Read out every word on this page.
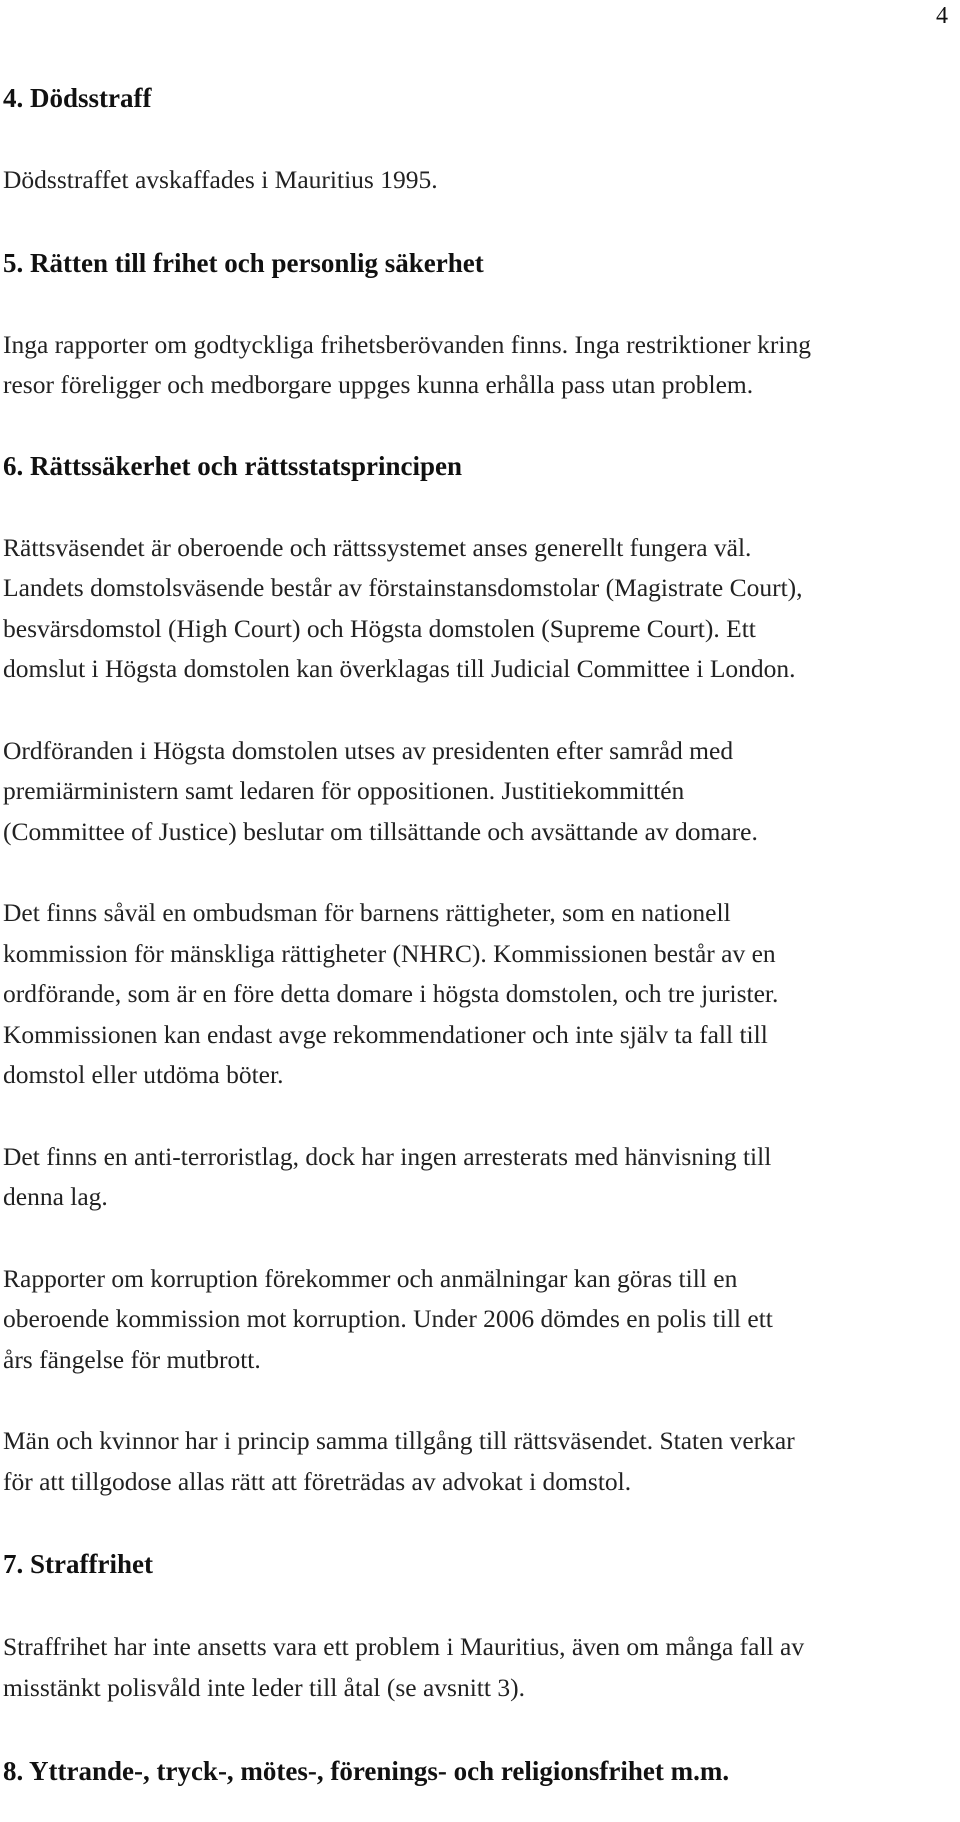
4
4. Dödsstraff

Dödsstraffet avskaffades i Mauritius 1995.

5. Rätten till frihet och personlig säkerhet

Inga rapporter om godtyckliga frihetsberövanden finns. Inga restriktioner kring
resor föreligger och medborgare uppges kunna erhålla pass utan problem.

6. Rättssäkerhet och rättsstatsprincipen

Rättsväsendet är oberoende och rättssystemet anses generellt fungera väl.
Landets domstolsväsende består av förstainstansdomstolar (Magistrate Court),
besvärsdomstol (High Court) och Högsta domstolen (Supreme Court). Ett
domslut i Högsta domstolen kan överklagas till Judicial Committee i London.

Ordföranden i Högsta domstolen utses av presidenten efter samråd med
premiärministern samt ledaren för oppositionen. Justitiekommittén
(Committee of Justice) beslutar om tillsättande och avsättande av domare.

Det finns såväl en ombudsman för barnens rättigheter, som en nationell
kommission för mänskliga rättigheter (NHRC). Kommissionen består av en
ordförande, som är en före detta domare i högsta domstolen, och tre jurister.
Kommissionen kan endast avge rekommendationer och inte själv ta fall till
domstol eller utdöma böter.

Det finns en anti-terroristlag, dock har ingen arresterats med hänvisning till
denna lag.

Rapporter om korruption förekommer och anmälningar kan göras till en
oberoende kommission mot korruption. Under 2006 dömdes en polis till ett
års fängelse för mutbrott.

Män och kvinnor har i princip samma tillgång till rättsväsendet. Staten verkar
för att tillgodose allas rätt att företrädas av advokat i domstol.

7. Straffrihet

Straffrihet har inte ansetts vara ett problem i Mauritius, även om många fall av
misstänkt polisvåld inte leder till åtal (se avsnitt 3).

8. Yttrande-, tryck-, mötes-, förenings- och religionsfrihet m.m.
